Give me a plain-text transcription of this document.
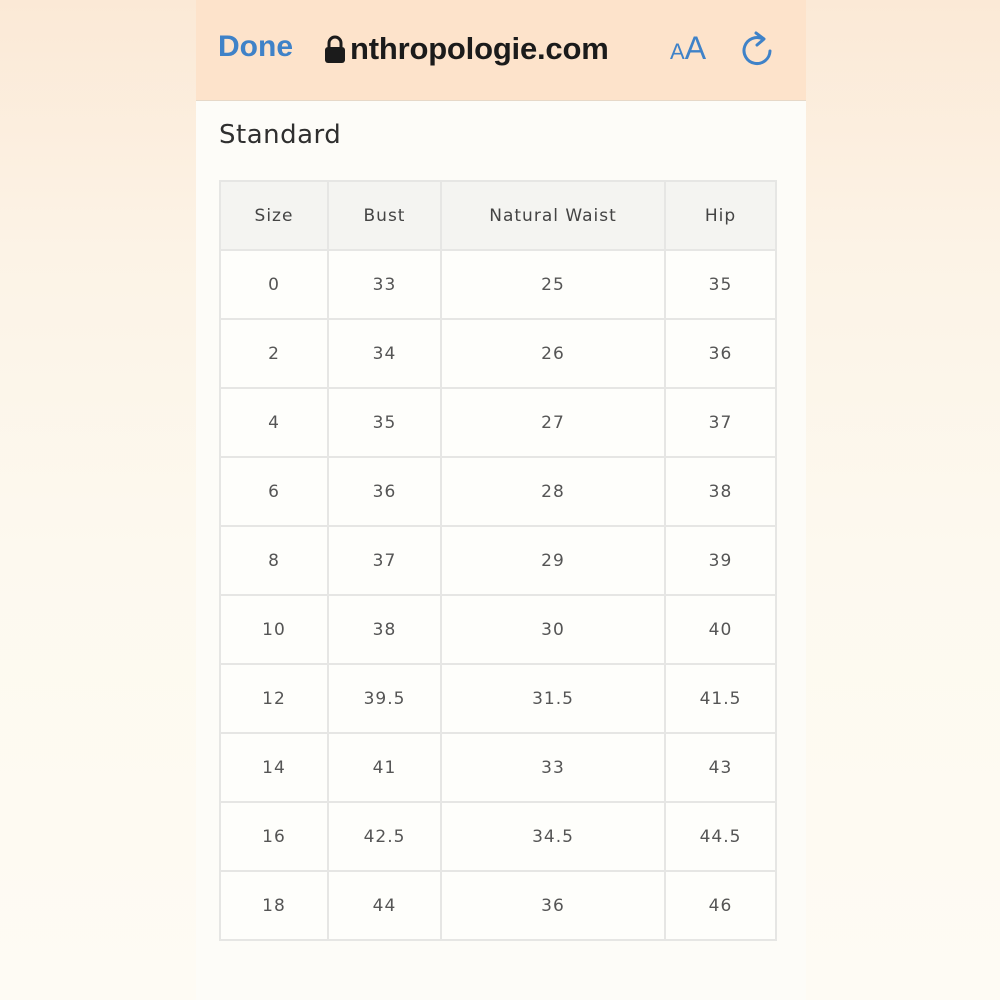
Done nthropologie.com	AA
Standard
Size	Bust	Natural Waist	Hip
0	33	25	35
2	34	26	36
4	35	27	37
6	36	28	38
8	37	29	39
10	38	30	40
12	39.5	31.5	41.5
14	41	33	43
16	42.5	34.5	44.5
18	44	36	46
